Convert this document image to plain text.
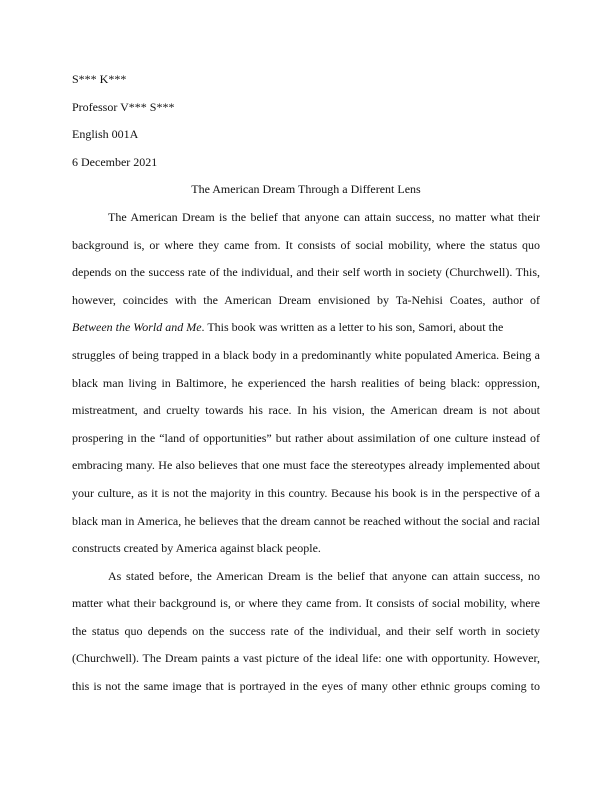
S*** K***
Professor V*** S***
English 001A
6 December 2021
The American Dream Through a Different Lens
The American Dream is the belief that anyone can attain success, no matter what their
background is, or where they came from. It consists of social mobility, where the status quo
depends on the success rate of the individual, and their self worth in society (Churchwell). This,
however, coincides with the American Dream envisioned by Ta-Nehisi Coates, author of
Between the World and Me. This book was written as a letter to his son, Samori, about the
struggles of being trapped in a black body in a predominantly white populated America. Being a
black man living in Baltimore, he experienced the harsh realities of being black: oppression,
mistreatment, and cruelty towards his race. In his vision, the American dream is not about
prospering in the “land of opportunities” but rather about assimilation of one culture instead of
embracing many. He also believes that one must face the stereotypes already implemented about
your culture, as it is not the majority in this country. Because his book is in the perspective of a
black man in America, he believes that the dream cannot be reached without the social and racial
constructs created by America against black people.
As stated before, the American Dream is the belief that anyone can attain success, no
matter what their background is, or where they came from. It consists of social mobility, where
the status quo depends on the success rate of the individual, and their self worth in society
(Churchwell). The Dream paints a vast picture of the ideal life: one with opportunity. However,
this is not the same image that is portrayed in the eyes of many other ethnic groups coming to
